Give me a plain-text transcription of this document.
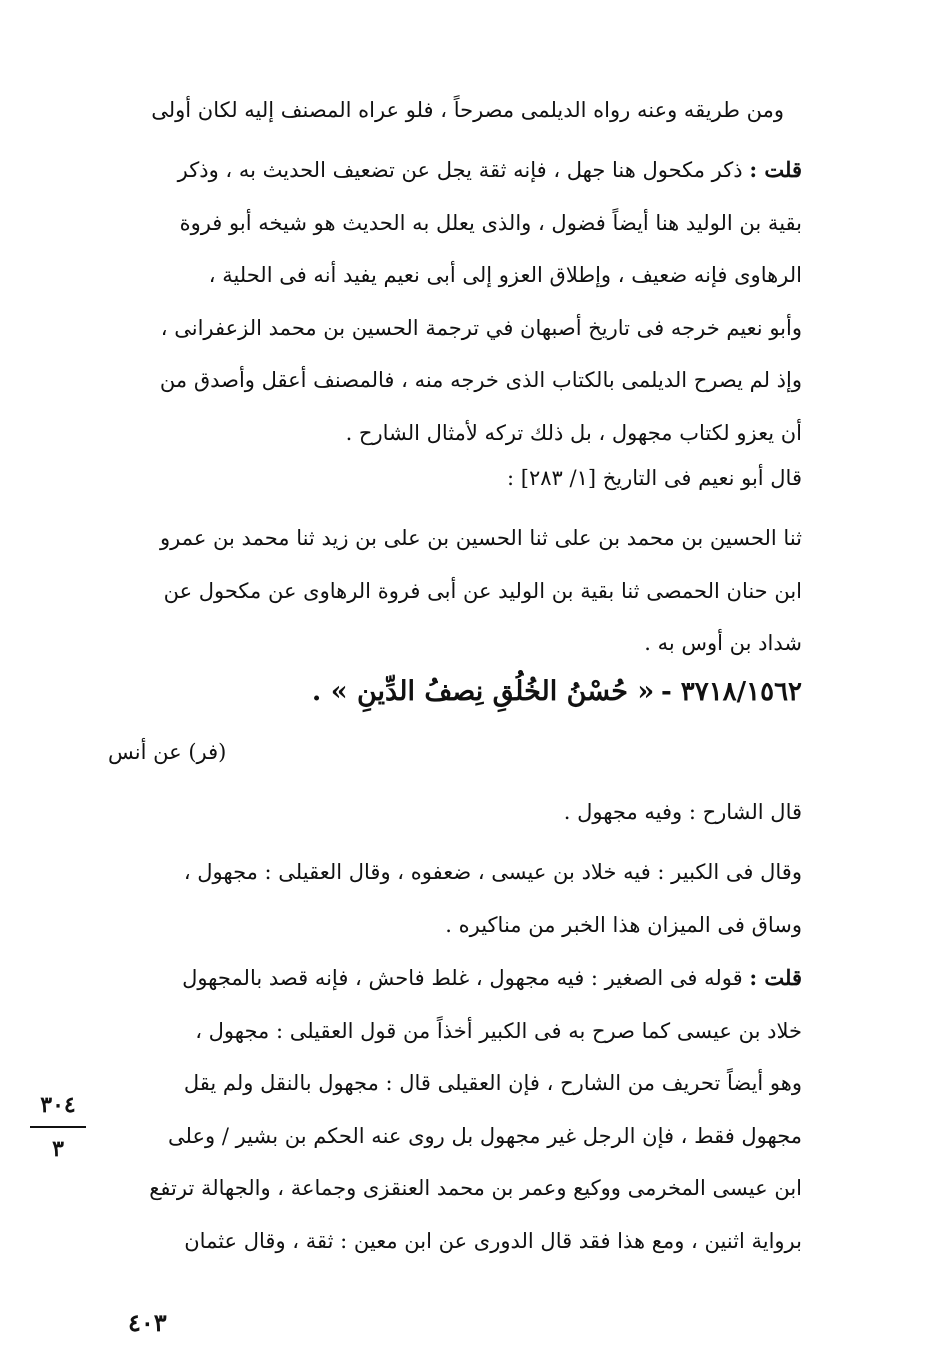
ومن طريقه وعنه رواه الديلمى مصرحاً ، فلو عراه المصنف إليه لكان أولى
قلت : ذكر مكحول هنا جهل ، فإنه ثقة يجل عن تضعيف الحديث به ، وذكر
بقية بن الوليد هنا أيضاً فضول ، والذى يعلل به الحديث هو شيخه أبو فروة
الرهاوى فإنه ضعيف ، وإطلاق العزو إلى أبى نعيم يفيد أنه فى الحلية ،
وأبو نعيم خرجه فى تاريخ أصبهان في ترجمة الحسين بن محمد الزعفرانى ،
وإذ لم يصرح الديلمى بالكتاب الذى خرجه منه ، فالمصنف أعقل وأصدق من
أن يعزو لكتاب مجهول ، بل ذلك تركه لأمثال الشارح .
قال أبو نعيم فى التاريخ [١/ ٢٨٣] :
ثنا الحسين بن محمد بن على ثنا الحسين بن على بن زيد ثنا محمد بن عمرو
ابن حنان الحمصى ثنا بقية بن الوليد عن أبى فروة الرهاوى عن مكحول عن
شداد بن أوس به .
٣٧١٨/١٥٦٢ - « حُسْنُ الخُلُقِ نِصفُ الدِّينِ » .
(فر) عن أنس
قال الشارح : وفيه مجهول .
وقال فى الكبير : فيه خلاد بن عيسى ، ضعفوه ، وقال العقيلى : مجهول ،
وساق فى الميزان هذا الخبر من مناكيره .
قلت : قوله فى الصغير : فيه مجهول ، غلط فاحش ، فإنه قصد بالمجهول
خلاد بن عيسى كما صرح به فى الكبير أخذاً من قول العقيلى : مجهول ،
وهو أيضاً تحريف من الشارح ، فإن العقيلى قال : مجهول بالنقل ولم يقل
مجهول فقط ، فإن الرجل غير مجهول بل روى عنه الحكم بن بشير / وعلى
ابن عيسى المخرمى ووكيع وعمر بن محمد العنقزى وجماعة ، والجهالة ترتفع
برواية اثنين ، ومع هذا فقد قال الدورى عن ابن معين : ثقة ، وقال عثمان
٣٠٤
٣
٤٠٣
